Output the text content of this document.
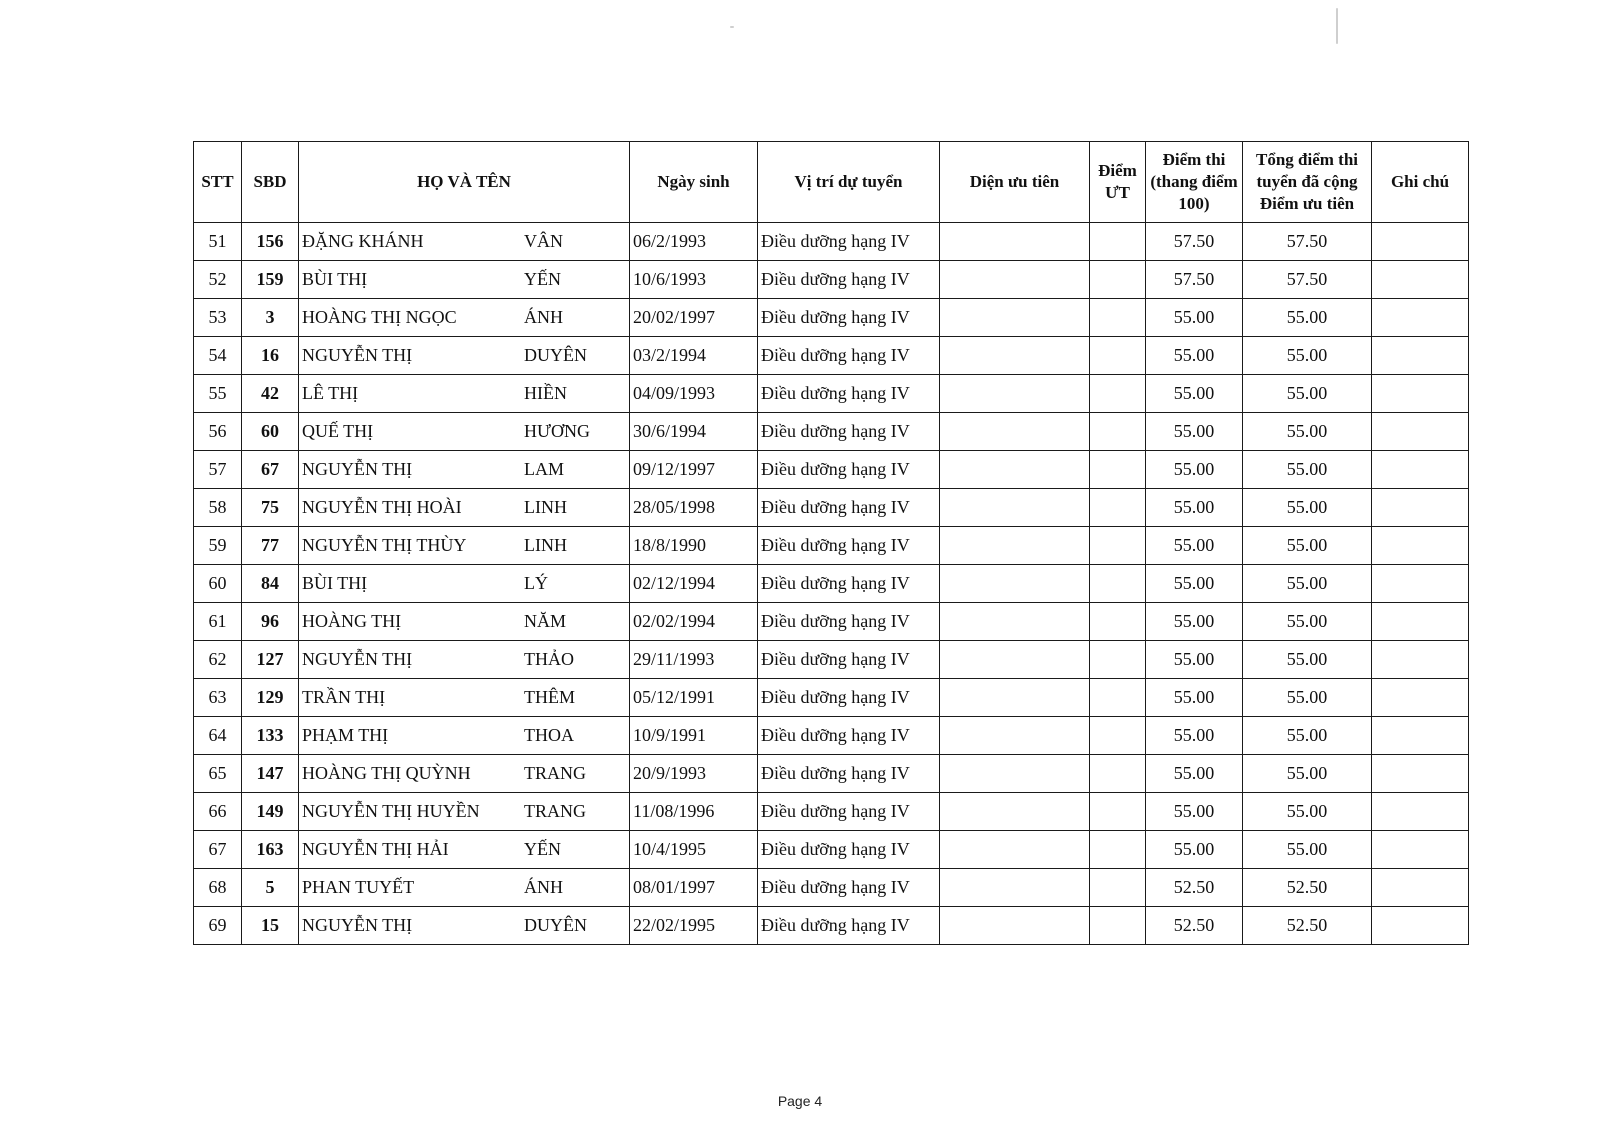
STT	SBD	HỌ VÀ TÊN	Ngày sinh	Vị trí dự tuyển	Diện ưu tiên	Điểm ƯT	Điểm thi (thang điểm 100)	Tổng điểm thi tuyển đã cộng Điểm ưu tiên	Ghi chú
51	156	ĐẶNG KHÁNH VÂN	06/2/1993	Điều dưỡng hạng IV			57.50	57.50	
52	159	BÙI THỊ YẾN	10/6/1993	Điều dưỡng hạng IV			57.50	57.50	
53	3	HOÀNG THỊ NGỌC ÁNH	20/02/1997	Điều dưỡng hạng IV			55.00	55.00	
54	16	NGUYỄN THỊ DUYÊN	03/2/1994	Điều dưỡng hạng IV			55.00	55.00	
55	42	LÊ THỊ HIỀN	04/09/1993	Điều dưỡng hạng IV			55.00	55.00	
56	60	QUẾ THỊ HƯƠNG	30/6/1994	Điều dưỡng hạng IV			55.00	55.00	
57	67	NGUYỄN THỊ LAM	09/12/1997	Điều dưỡng hạng IV			55.00	55.00	
58	75	NGUYỄN THỊ HOÀI LINH	28/05/1998	Điều dưỡng hạng IV			55.00	55.00	
59	77	NGUYỄN THỊ THÙY LINH	18/8/1990	Điều dưỡng hạng IV			55.00	55.00	
60	84	BÙI THỊ LÝ	02/12/1994	Điều dưỡng hạng IV			55.00	55.00	
61	96	HOÀNG THỊ NĂM	02/02/1994	Điều dưỡng hạng IV			55.00	55.00	
62	127	NGUYỄN THỊ THẢO	29/11/1993	Điều dưỡng hạng IV			55.00	55.00	
63	129	TRẦN THỊ THÊM	05/12/1991	Điều dưỡng hạng IV			55.00	55.00	
64	133	PHẠM THỊ THOA	10/9/1991	Điều dưỡng hạng IV			55.00	55.00	
65	147	HOÀNG THỊ QUỲNH TRANG	20/9/1993	Điều dưỡng hạng IV			55.00	55.00	
66	149	NGUYỄN THỊ HUYỀN TRANG	11/08/1996	Điều dưỡng hạng IV			55.00	55.00	
67	163	NGUYỄN THỊ HẢI YẾN	10/4/1995	Điều dưỡng hạng IV			55.00	55.00	
68	5	PHAN TUYẾT ÁNH	08/01/1997	Điều dưỡng hạng IV			52.50	52.50	
69	15	NGUYỄN THỊ DUYÊN	22/02/1995	Điều dưỡng hạng IV			52.50	52.50	
Page 4
